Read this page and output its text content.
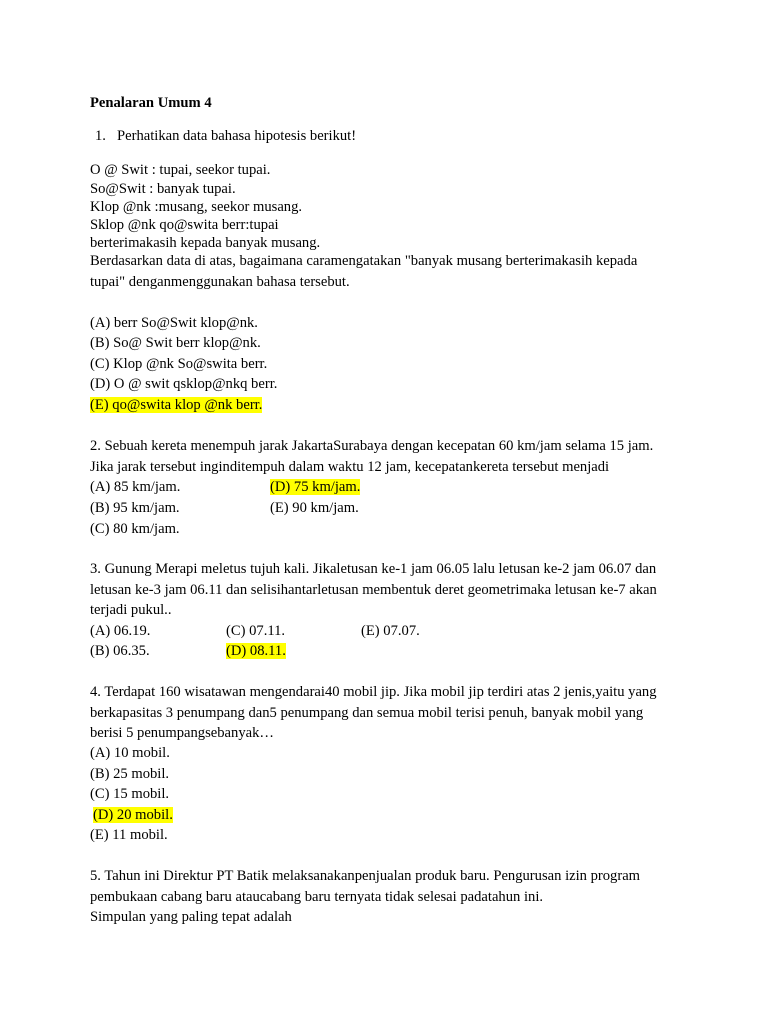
Penalaran Umum 4

1. Perhatikan data bahasa hipotesis berikut!

O @ Swit : tupai, seekor tupai.

So@Swit : banyak tupai.

Klop @nk :musang, seekor musang.

Sklop @nk qo@swita berr:tupai

berterimakasih kepada banyak musang.

Berdasarkan data di atas, bagaimana caramengatakan "banyak musang berterimakasih kepada

tupai" denganmenggunakan bahasa tersebut.

(A) berr So@Swit klop@nk.

(B) So@ Swit berr klop@nk.

(C) Klop @nk So@swita berr.

(D) O @ swit qsklop@nkq berr.

(E) qo@swita klop @nk berr.

2. Sebuah kereta menempuh jarak JakartaSurabaya dengan kecepatan 60 km/jam selama 15 jam.

Jika jarak tersebut inginditempuh dalam waktu 12 jam, kecepatankereta tersebut menjadi

(A) 85 km/jam.	(D) 75 km/jam.

(B) 95 km/jam.	(E) 90 km/jam.

(C) 80 km/jam.

3. Gunung Merapi meletus tujuh kali. Jikaletusan ke-1 jam 06.05 lalu letusan ke-2 jam 06.07 dan

letusan ke-3 jam 06.11 dan selisihantarletusan membentuk deret geometrimaka letusan ke-7 akan

terjadi pukul..

(A) 06.19.	(C) 07.11.	(E) 07.07.

(B) 06.35.	(D) 08.11.

4. Terdapat 160 wisatawan mengendarai40 mobil jip. Jika mobil jip terdiri atas 2 jenis,yaitu yang

berkapasitas 3 penumpang dan5 penumpang dan semua mobil terisi penuh, banyak mobil yang

berisi 5 penumpangsebanyak…

(A) 10 mobil.

(B) 25 mobil.

(C) 15 mobil.

(D) 20 mobil.

(E) 11 mobil.

5. Tahun ini Direktur PT Batik melaksanakanpenjualan produk baru. Pengurusan izin program

pembukaan cabang baru ataucabang baru ternyata tidak selesai padatahun ini.

Simpulan yang paling tepat adalah
